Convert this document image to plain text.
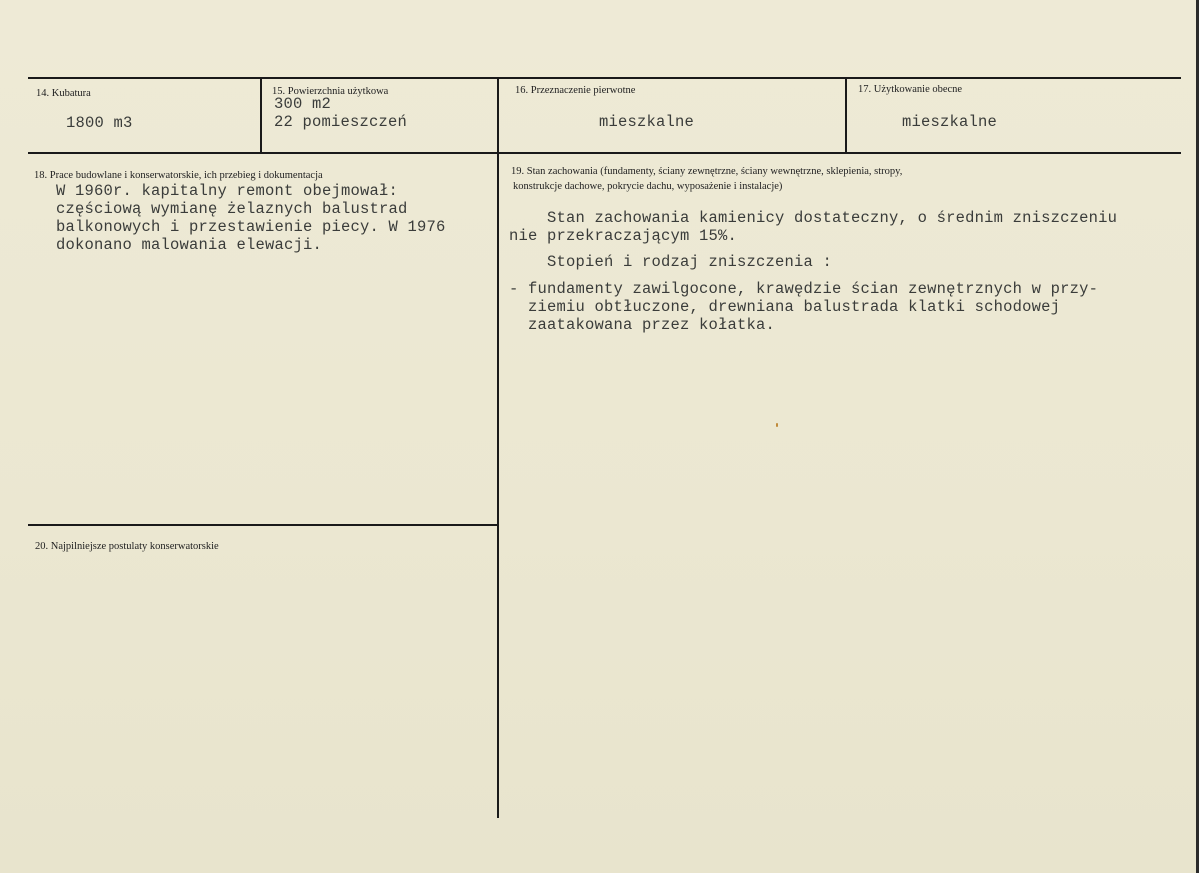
14. Kubatura
1800 m3
15. Powierzchnia użytkowa
300 m2
22 pomieszczeń
16. Przeznaczenie pierwotne
mieszkalne
17. Użytkowanie obecne
mieszkalne
18. Prace budowlane i konserwatorskie, ich przebieg i dokumentacja
W 1960r. kapitalny remont obejmował:
częściową wymianę żelaznych balustrad
balkonowych i przestawienie piecy. W 1976
dokonano malowania elewacji.
19. Stan zachowania (fundamenty, ściany zewnętrzne, ściany wewnętrzne, sklepienia, stropy,
konstrukcje dachowe, pokrycie dachu, wyposażenie i instalacje)
Stan zachowania kamienicy dostateczny, o średnim zniszczeniu
nie przekraczającym 15%.
Stopień i rodzaj zniszczenia :
- fundamenty zawilgocone, krawędzie ścian zewnętrznych w przy-
ziemiu obtłuczone, drewniana balustrada klatki schodowej
zaatakowana przez kołatka.
20. Najpilniejsze postulaty konserwatorskie
